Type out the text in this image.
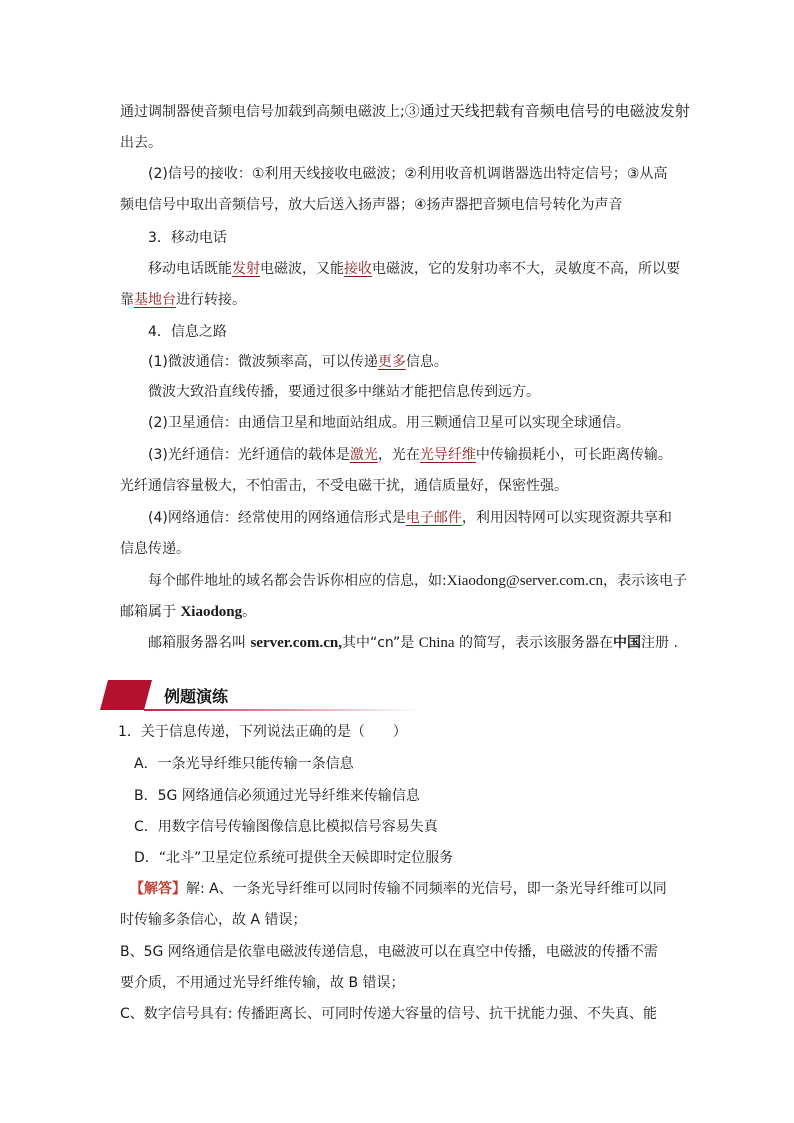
通过调制器使音频电信号加载到高频电磁波上;③通过天线把载有音频电信号的电磁波发射
出去。
(2)信号的接收：①利用天线接收电磁波；②利用收音机调谐器选出特定信号；③从高
频电信号中取出音频信号，放大后送入扬声器；④扬声器把音频电信号转化为声音
3．移动电话
移动电话既能发射电磁波，又能接收电磁波，它的发射功率不大，灵敏度不高，所以要
靠基地台进行转接。
4．信息之路
(1)微波通信：微波频率高，可以传递更多信息。
微波大致沿直线传播，要通过很多中继站才能把信息传到远方。
(2)卫星通信：由通信卫星和地面站组成。用三颗通信卫星可以实现全球通信。
(3)光纤通信：光纤通信的载体是激光，光在光导纤维中传输损耗小，可长距离传输。
光纤通信容量极大，不怕雷击，不受电磁干扰，通信质量好，保密性强。
(4)网络通信：经常使用的网络通信形式是电子邮件，利用因特网可以实现资源共享和
信息传递。
每个邮件地址的域名都会告诉你相应的信息，如:Xiaodong@server.com.cn，表示该电子
邮箱属于 Xiaodong。
邮箱服务器名叫 server.com.cn,其中“cn”是 China 的简写，表示该服务器在中国注册 .
例题演练
1．关于信息传递，下列说法正确的是（　　）
A．一条光导纤维只能传输一条信息
B．5G 网络通信必须通过光导纤维来传输信息
C．用数字信号传输图像信息比模拟信号容易失真
D．“北斗”卫星定位系统可提供全天候即时定位服务
【解答】解: A、一条光导纤维可以同时传输不同频率的光信号，即一条光导纤维可以同
时传输多条信心，故 A 错误；
B、5G 网络通信是依靠电磁波传递信息，电磁波可以在真空中传播，电磁波的传播不需
要介质，不用通过光导纤维传输，故 B 错误；
C、数字信号具有: 传播距离长、可同时传递大容量的信号、抗干扰能力强、不失真、能
